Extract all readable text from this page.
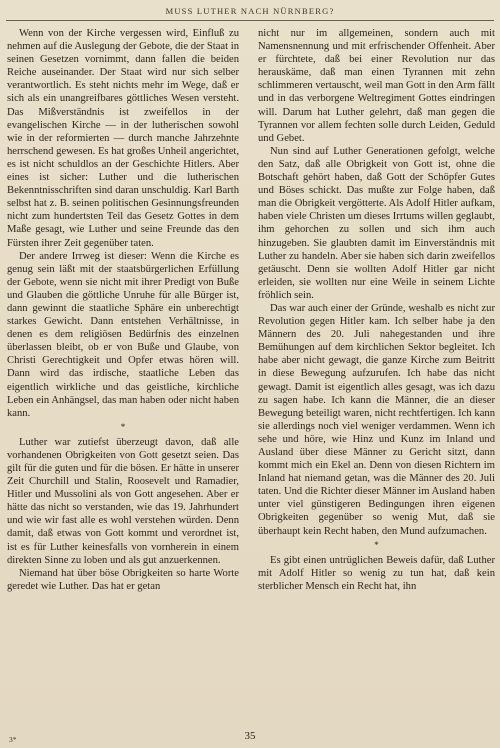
MUSS LUTHER NACH NÜRNBERG?

Wenn von der Kirche vergessen wird, Einfluß zu nehmen auf die Auslegung der Gebote, die der Staat in seinen Gesetzen vornimmt, dann fallen die beiden Reiche auseinander. Der Staat wird nur sich selber verantwortlich. Es steht nichts mehr im Wege, daß er sich als ein unangreifbares göttliches Wesen versteht. Das Mißverständnis ist zweifellos in der evangelischen Kirche — in der lutherischen sowohl wie in der reformierten — durch manche Jahrzehnte herrschend gewesen. Es hat großes Unheil angerichtet, es ist nicht schuldlos an der Geschichte Hitlers. Aber eines ist sicher: Luther und die lutherischen Bekenntnisschriften sind daran unschuldig. Karl Barth selbst hat z. B. seinen politischen Gesinnungsfreunden nicht zum hundertsten Teil das Gesetz Gottes in dem Maße gesagt, wie Luther und seine Freunde das den Fürsten ihrer Zeit gegenüber taten.

Der andere Irrweg ist dieser: Wenn die Kirche es genug sein läßt mit der staatsbürgerlichen Erfüllung der Gebote, wenn sie nicht mit ihrer Predigt von Buße und Glauben die göttliche Unruhe für alle Bürger ist, dann gewinnt die staatliche Sphäre ein unberechtigt starkes Gewicht. Dann entstehen Verhältnisse, in denen es dem religiösen Bedürfnis des einzelnen überlassen bleibt, ob er von Buße und Glaube, von Christi Gerechtigkeit und Opfer etwas hören will. Dann wird das irdische, staatliche Leben das eigentlich wirkliche und das geistliche, kirchliche Leben ein Anhängsel, das man haben oder nicht haben kann.

*

Luther war zutiefst überzeugt davon, daß alle vorhandenen Obrigkeiten von Gott gesetzt seien. Das gilt für die guten und für die bösen. Er hätte in unserer Zeit Churchill und Stalin, Roosevelt und Ramadier, Hitler und Mussolini als von Gott angesehen. Aber er hätte das nicht so verstanden, wie das 19. Jahrhundert und wie wir fast alle es wohl verstehen würden. Denn damit, daß etwas von Gott kommt und verordnet ist, ist es für Luther keinesfalls von vornherein in einem direkten Sinne zu loben und als gut anzuerkennen.

Niemand hat über böse Obrigkeiten so harte Worte geredet wie Luther. Das hat er getan

nicht nur im allgemeinen, sondern auch mit Namensnennung und mit erfrischender Offenheit. Aber er fürchtete, daß bei einer Revolution nur das herauskäme, daß man einen Tyrannen mit zehn schlimmeren vertauscht, weil man Gott in den Arm fällt und in das verborgene Weltregiment Gottes eindringen will. Darum hat Luther gelehrt, daß man gegen die Tyrannen vor allem fechten solle durch Leiden, Geduld und Gebet.

Nun sind auf Luther Generationen gefolgt, welche den Satz, daß alle Obrigkeit von Gott ist, ohne die Botschaft gehört haben, daß Gott der Schöpfer Gutes und Böses schickt. Das mußte zur Folge haben, daß man die Obrigkeit vergötterte. Als Adolf Hitler aufkam, haben viele Christen um dieses Irrtums willen geglaubt, ihm gehorchen zu sollen und sich ihm auch hinzugeben. Sie glaubten damit im Einverständnis mit Luther zu handeln. Aber sie haben sich darin zweifellos getäuscht. Denn sie wollten Adolf Hitler gar nicht erleiden, sie wollten nur eine Weile in seinem Lichte fröhlich sein.

Das war auch einer der Gründe, weshalb es nicht zur Revolution gegen Hitler kam. Ich selber habe ja den Männern des 20. Juli nahegestanden und ihre Bemühungen auf dem kirchlichen Sektor begleitet. Ich habe aber nicht gewagt, die ganze Kirche zum Beitritt in diese Bewegung aufzurufen. Ich habe das nicht gewagt. Damit ist eigentlich alles gesagt, was ich dazu zu sagen habe. Ich kann die Männer, die an dieser Bewegung beteiligt waren, nicht rechtfertigen. Ich kann sie allerdings noch viel weniger verdammen. Wenn ich sehe und höre, wie Hinz und Kunz im Inland und Ausland über diese Männer zu Gericht sitzt, dann kommt mich ein Ekel an. Denn von diesen Richtern im Inland hat niemand getan, was die Männer des 20. Juli taten. Und die Richter dieser Männer im Ausland haben unter viel günstigeren Bedingungen ihren eigenen Obrigkeiten gegenüber so wenig Mut, daß sie überhaupt kein Recht haben, den Mund aufzumachen.

*

Es gibt einen untrüglichen Beweis dafür, daß Luther mit Adolf Hitler so wenig zu tun hat, daß kein sterblicher Mensch ein Recht hat, ihn

3*	35
